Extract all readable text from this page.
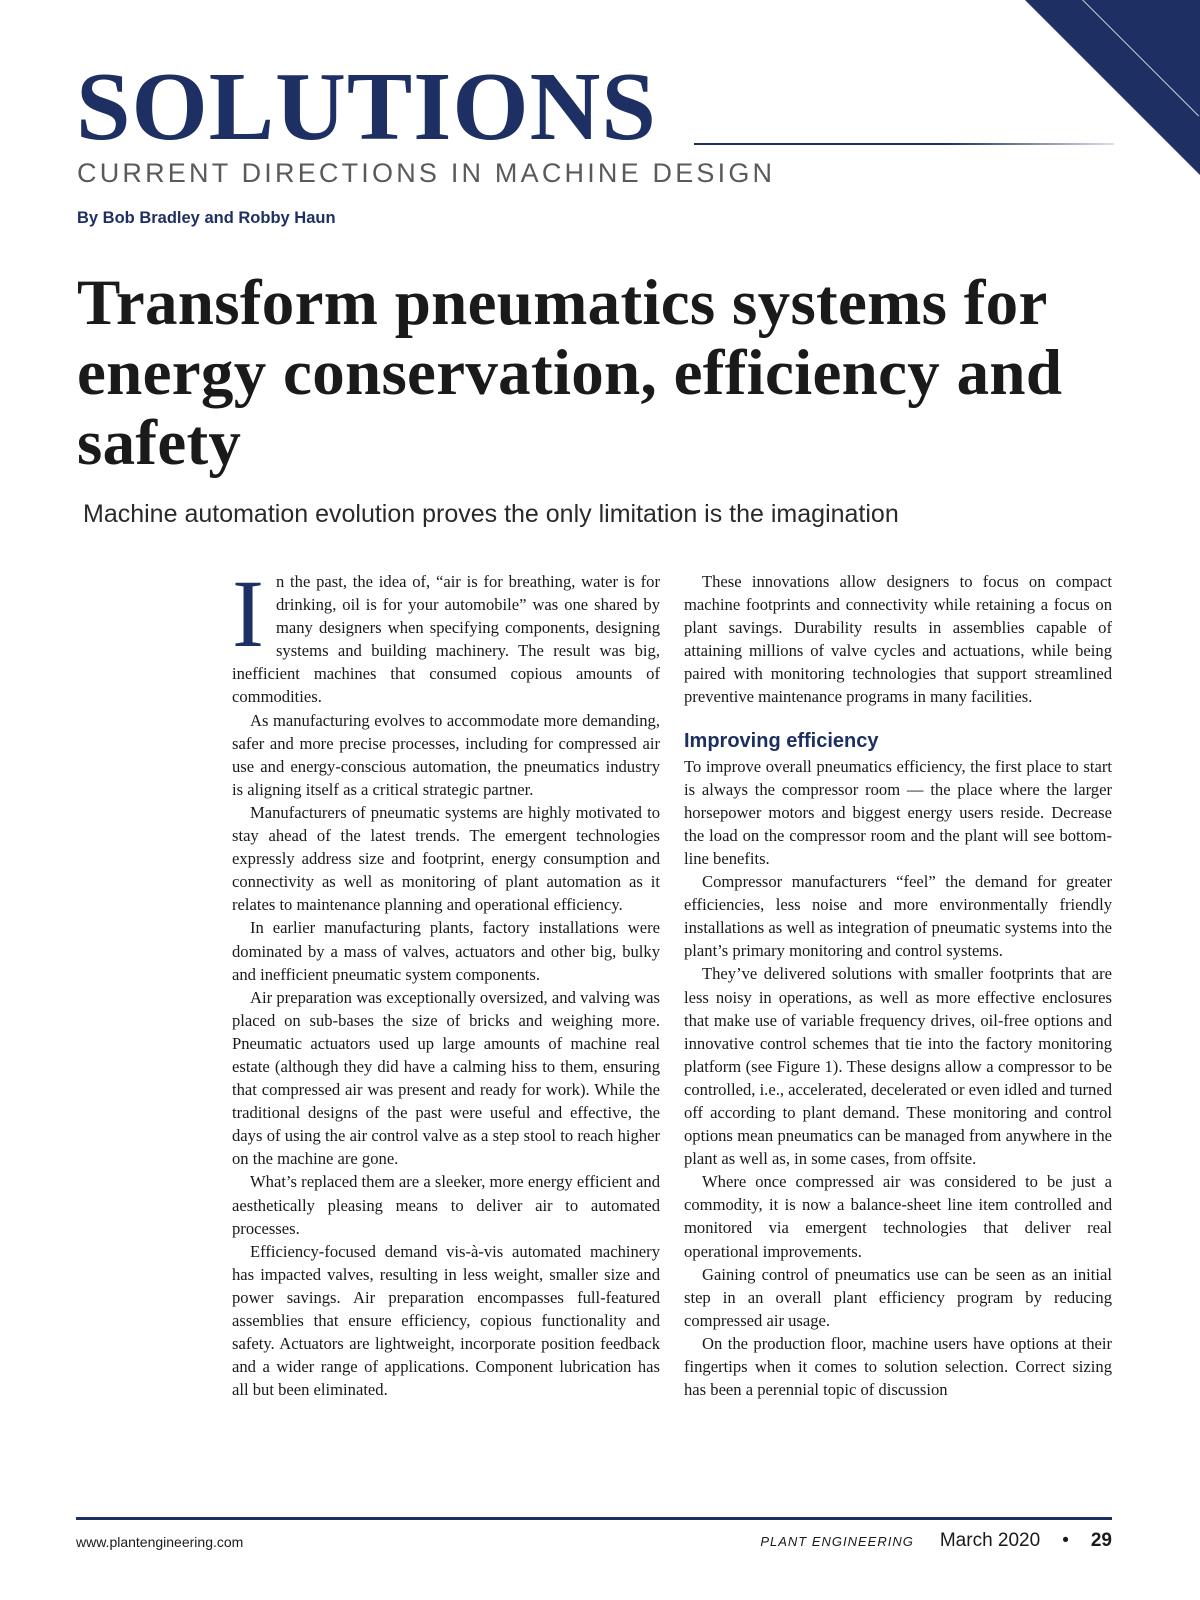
SOLUTIONS
CURRENT DIRECTIONS IN MACHINE DESIGN
By Bob Bradley and Robby Haun
Transform pneumatics systems for energy conservation, efficiency and safety
Machine automation evolution proves the only limitation is the imagination

In the past, the idea of, “air is for breathing, water is for drinking, oil is for your automobile” was one shared by many designers when specifying components, designing systems and building machinery. The result was big, inefficient machines that consumed copious amounts of commodities.

As manufacturing evolves to accommodate more demanding, safer and more precise processes, including for compressed air use and energy-conscious automation, the pneumatics industry is aligning itself as a critical strategic partner.

Manufacturers of pneumatic systems are highly motivated to stay ahead of the latest trends. The emergent technologies expressly address size and footprint, energy consumption and connectivity as well as monitoring of plant automation as it relates to maintenance planning and operational efficiency.

In earlier manufacturing plants, factory installations were dominated by a mass of valves, actuators and other big, bulky and inefficient pneumatic system components.

Air preparation was exceptionally oversized, and valving was placed on sub-bases the size of bricks and weighing more. Pneumatic actuators used up large amounts of machine real estate (although they did have a calming hiss to them, ensuring that compressed air was present and ready for work). While the traditional designs of the past were useful and effective, the days of using the air control valve as a step stool to reach higher on the machine are gone.

What’s replaced them are a sleeker, more energy efficient and aesthetically pleasing means to deliver air to automated processes.

Efficiency-focused demand vis-à-vis automated machinery has impacted valves, resulting in less weight, smaller size and power savings. Air preparation encompasses full-featured assemblies that ensure efficiency, copious functionality and safety. Actuators are lightweight, incorporate position feedback and a wider range of applications. Component lubrication has all but been eliminated.

These innovations allow designers to focus on compact machine footprints and connectivity while retaining a focus on plant savings. Durability results in assemblies capable of attaining millions of valve cycles and actuations, while being paired with monitoring technologies that support streamlined preventive maintenance programs in many facilities.

Improving efficiency

To improve overall pneumatics efficiency, the first place to start is always the compressor room — the place where the larger horsepower motors and biggest energy users reside. Decrease the load on the compressor room and the plant will see bottom-line benefits.

Compressor manufacturers “feel” the demand for greater efficiencies, less noise and more environmentally friendly installations as well as integration of pneumatic systems into the plant’s primary monitoring and control systems.

They’ve delivered solutions with smaller footprints that are less noisy in operations, as well as more effective enclosures that make use of variable frequency drives, oil-free options and innovative control schemes that tie into the factory monitoring platform (see Figure 1). These designs allow a compressor to be controlled, i.e., accelerated, decelerated or even idled and turned off according to plant demand. These monitoring and control options mean pneumatics can be managed from anywhere in the plant as well as, in some cases, from offsite.

Where once compressed air was considered to be just a commodity, it is now a balance-sheet line item controlled and monitored via emergent technologies that deliver real operational improvements.

Gaining control of pneumatics use can be seen as an initial step in an overall plant efficiency program by reducing compressed air usage.

On the production floor, machine users have options at their fingertips when it comes to solution selection. Correct sizing has been a perennial topic of discussion

www.plantengineering.com	PLANT ENGINEERING March 2020 • 29
